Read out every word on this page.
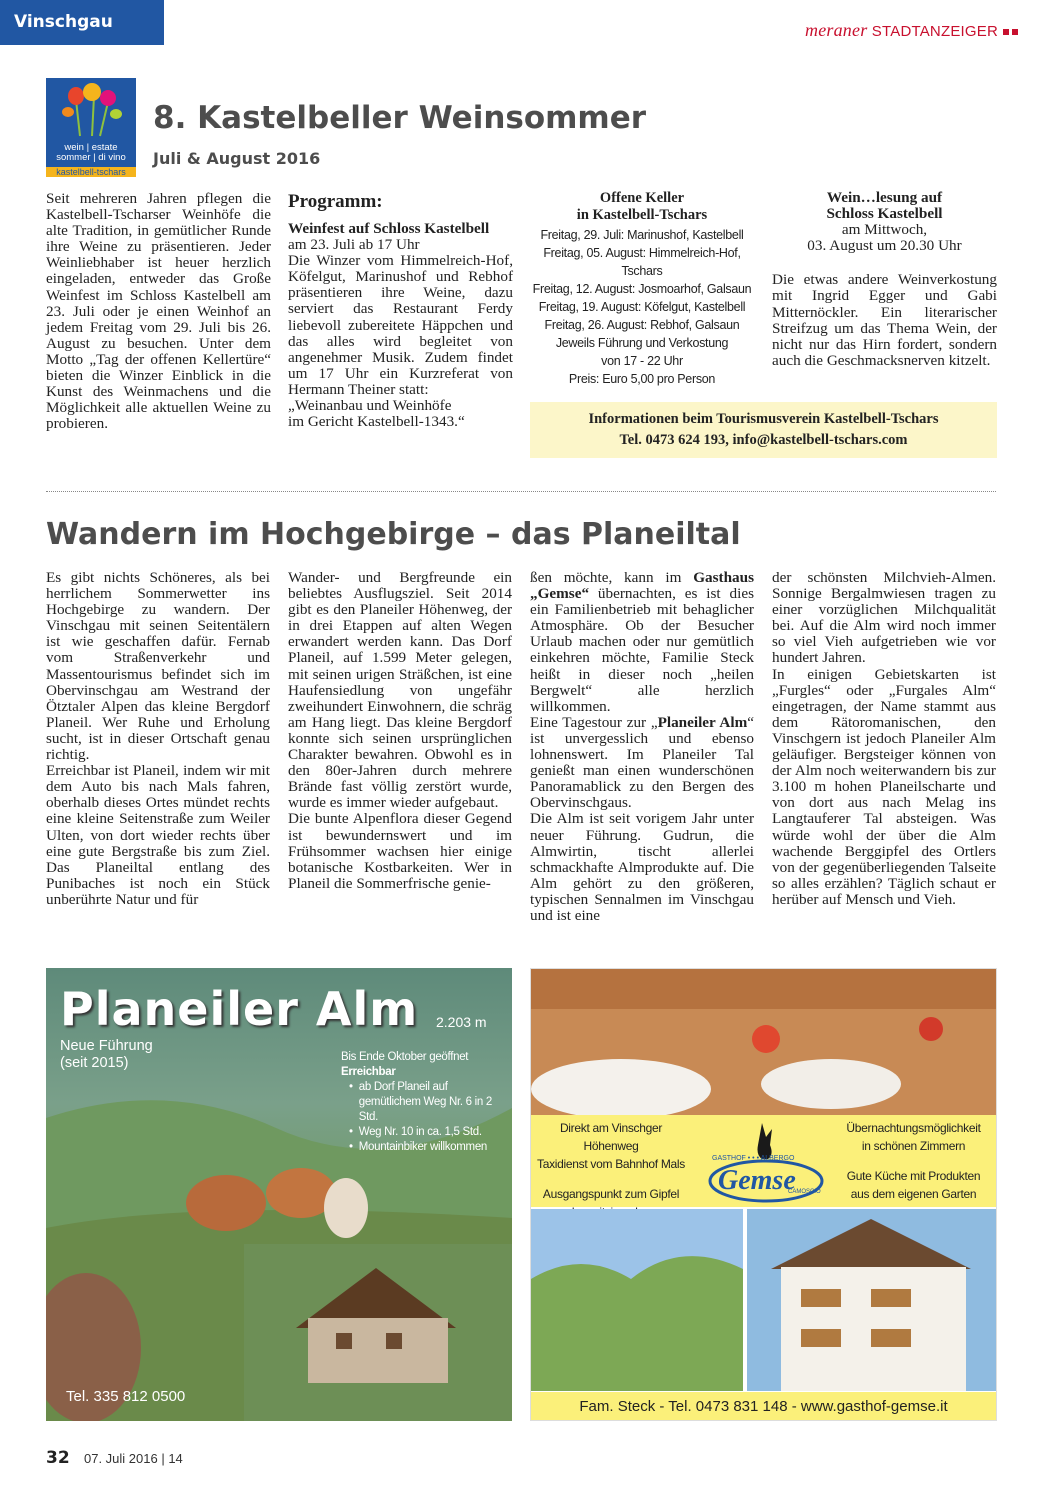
Vinschgau	meraner STADTANZEIGER
wein | estate
sommer | di vino
kastelbell-tschars
8. Kastelbeller Weinsommer
Juli & August 2016

Seit mehreren Jahren pflegen die Kastelbell-Tscharser Weinhöfe die alte Tradition, in gemütlicher Runde ihre Weine zu präsentieren. Jeder Weinliebhaber ist heuer herzlich eingeladen, entweder das Große Weinfest im Schloss Kastelbell am 23. Juli oder je einen Weinhof an jedem Freitag vom 29. Juli bis 26. August zu besuchen. Unter dem Motto „Tag der offenen Kellertüre“ bieten die Winzer Einblick in die Kunst des Weinmachens und die Möglichkeit alle aktuellen Weine zu probieren.

Programm:
Weinfest auf Schloss Kastelbell
am 23. Juli ab 17 Uhr
Die Winzer vom Himmelreich-Hof, Köfelgut, Marinushof und Rebhof präsentieren ihre Weine, dazu serviert das Restaurant Ferdy liebevoll zubereitete Häppchen und das alles wird begleitet von angenehmer Musik. Zudem findet um 17 Uhr ein Kurzreferat von Hermann Theiner statt:
„Weinanbau und Weinhöfe
im Gericht Kastelbell-1343.“
Offene Keller
in Kastelbell-Tschars
Freitag, 29. Juli: Marinushof, Kastelbell
Freitag, 05. August: Himmelreich-Hof, Tschars
Freitag, 12. August: Josmoarhof, Galsaun
Freitag, 19. August: Köfelgut, Kastelbell
Freitag, 26. August: Rebhof, Galsaun
Jeweils Führung und Verkostung
von 17 - 22 Uhr
Preis: Euro 5,00 pro Person
Wein…lesung auf
Schloss Kastelbell
am Mittwoch,
03. August um 20.30 Uhr

Die etwas andere Weinverkostung mit Ingrid Egger und Gabi Mitternöckler. Ein literarischer Streifzug um das Thema Wein, der nicht nur das Hirn fordert, sondern auch die Geschmacksnerven kitzelt.

Informationen beim Tourismusverein Kastelbell-Tschars
Tel. 0473 624 193, info@kastelbell-tschars.com
Wandern im Hochgebirge – das Planeiltal
Es gibt nichts Schöneres, als bei herrlichem Sommerwetter ins Hochgebirge zu wandern. Der Vinschgau mit seinen Seitentälern ist wie geschaffen dafür. Fernab vom Straßenverkehr und Massentourismus befindet sich im Obervinschgau am Westrand der Ötztaler Alpen das kleine Bergdorf Planeil. Wer Ruhe und Erholung sucht, ist in dieser Ortschaft genau richtig.
Erreichbar ist Planeil, indem wir mit dem Auto bis nach Mals fahren, oberhalb dieses Ortes mündet rechts eine kleine Seitenstraße zum Weiler Ulten, von dort wieder rechts über eine gute Bergstraße bis zum Ziel. Das Planeiltal entlang des Punibaches ist noch ein Stück unberührte Natur und für
Wander- und Bergfreunde ein beliebtes Ausflugsziel. Seit 2014 gibt es den Planeiler Höhenweg, der in drei Etappen auf alten Wegen erwandert werden kann. Das Dorf Planeil, auf 1.599 Meter gelegen, mit seinen urigen Sträßchen, ist eine Haufensiedlung von ungefähr zweihundert Einwohnern, die schräg am Hang liegt. Das kleine Bergdorf konnte sich seinen ursprünglichen Charakter bewahren. Obwohl es in den 80er-Jahren durch mehrere Brände fast völlig zerstört wurde, wurde es immer wieder aufgebaut.
Die bunte Alpenflora dieser Gegend ist bewundernswert und im Frühsommer wachsen hier einige botanische Kostbarkeiten. Wer in Planeil die Sommerfrische genie-
ßen möchte, kann im Gasthaus „Gemse“ übernachten, es ist dies ein Familienbetrieb mit behaglicher Atmosphäre. Ob der Besucher Urlaub machen oder nur gemütlich einkehren möchte, Familie Steck heißt in dieser noch „heilen Bergwelt“ alle herzlich willkommen.
Eine Tagestour zur „Planeiler Alm“ ist unvergesslich und ebenso lohnenswert. Im Planeiler Tal genießt man einen wunderschönen Panoramablick zu den Bergen des Obervinschgaus.
Die Alm ist seit vorigem Jahr unter neuer Führung. Gudrun, die Almwirtin, tischt allerlei schmackhafte Almprodukte auf. Die Alm gehört zu den größeren, typischen Sennalmen im Vinschgau und ist eine
der schönsten Milchvieh-Almen. Sonnige Bergalmwiesen tragen zu einer vorzüglichen Milchqualität bei. Auf die Alm wird noch immer so viel Vieh aufgetrieben wie vor hundert Jahren.
In einigen Gebietskarten ist „Furgles“ oder „Furgales Alm“ eingetragen, der Name stammt aus dem Rätoromanischen, den Vinschgern ist jedoch Planeiler Alm geläufiger. Bergsteiger können von der Alm noch weiterwandern bis zur 3.100 m hohen Planeilscharte und von dort aus nach Melag ins Langtauferer Tal absteigen. Was würde wohl der über die Alm wachende Berggipfel des Ortlers von der gegenüberliegenden Talseite so alles erzählen? Täglich schaut er herüber auf Mensch und Vieh.
Planeiler Alm 2.203 m
Neue Führung
(seit 2015)	Bis Ende Oktober geöffnet
Erreichbar
• ab Dorf Planeil auf gemütlichem Weg Nr. 6 in 2 Std.
• Weg Nr. 10 in ca. 1,5 Std.
• Mountainbiker willkommen
Tel. 335 812 0500
Direkt am Vinschger Höhenweg
Taxidienst vom Bahnhof Mals
Ausgangspunkt zum Gipfel
GASTHOF • • • ALBERGO
Gemse
CAMOSCIO
Übernachtungsmöglichkeit
in schönen Zimmern
Gute Küche mit Produkten
aus dem eigenen Garten
Fam. Steck - Tel. 0473 831 148 - www.gasthof-gemse.it
32 07. Juli 2016 | 14
